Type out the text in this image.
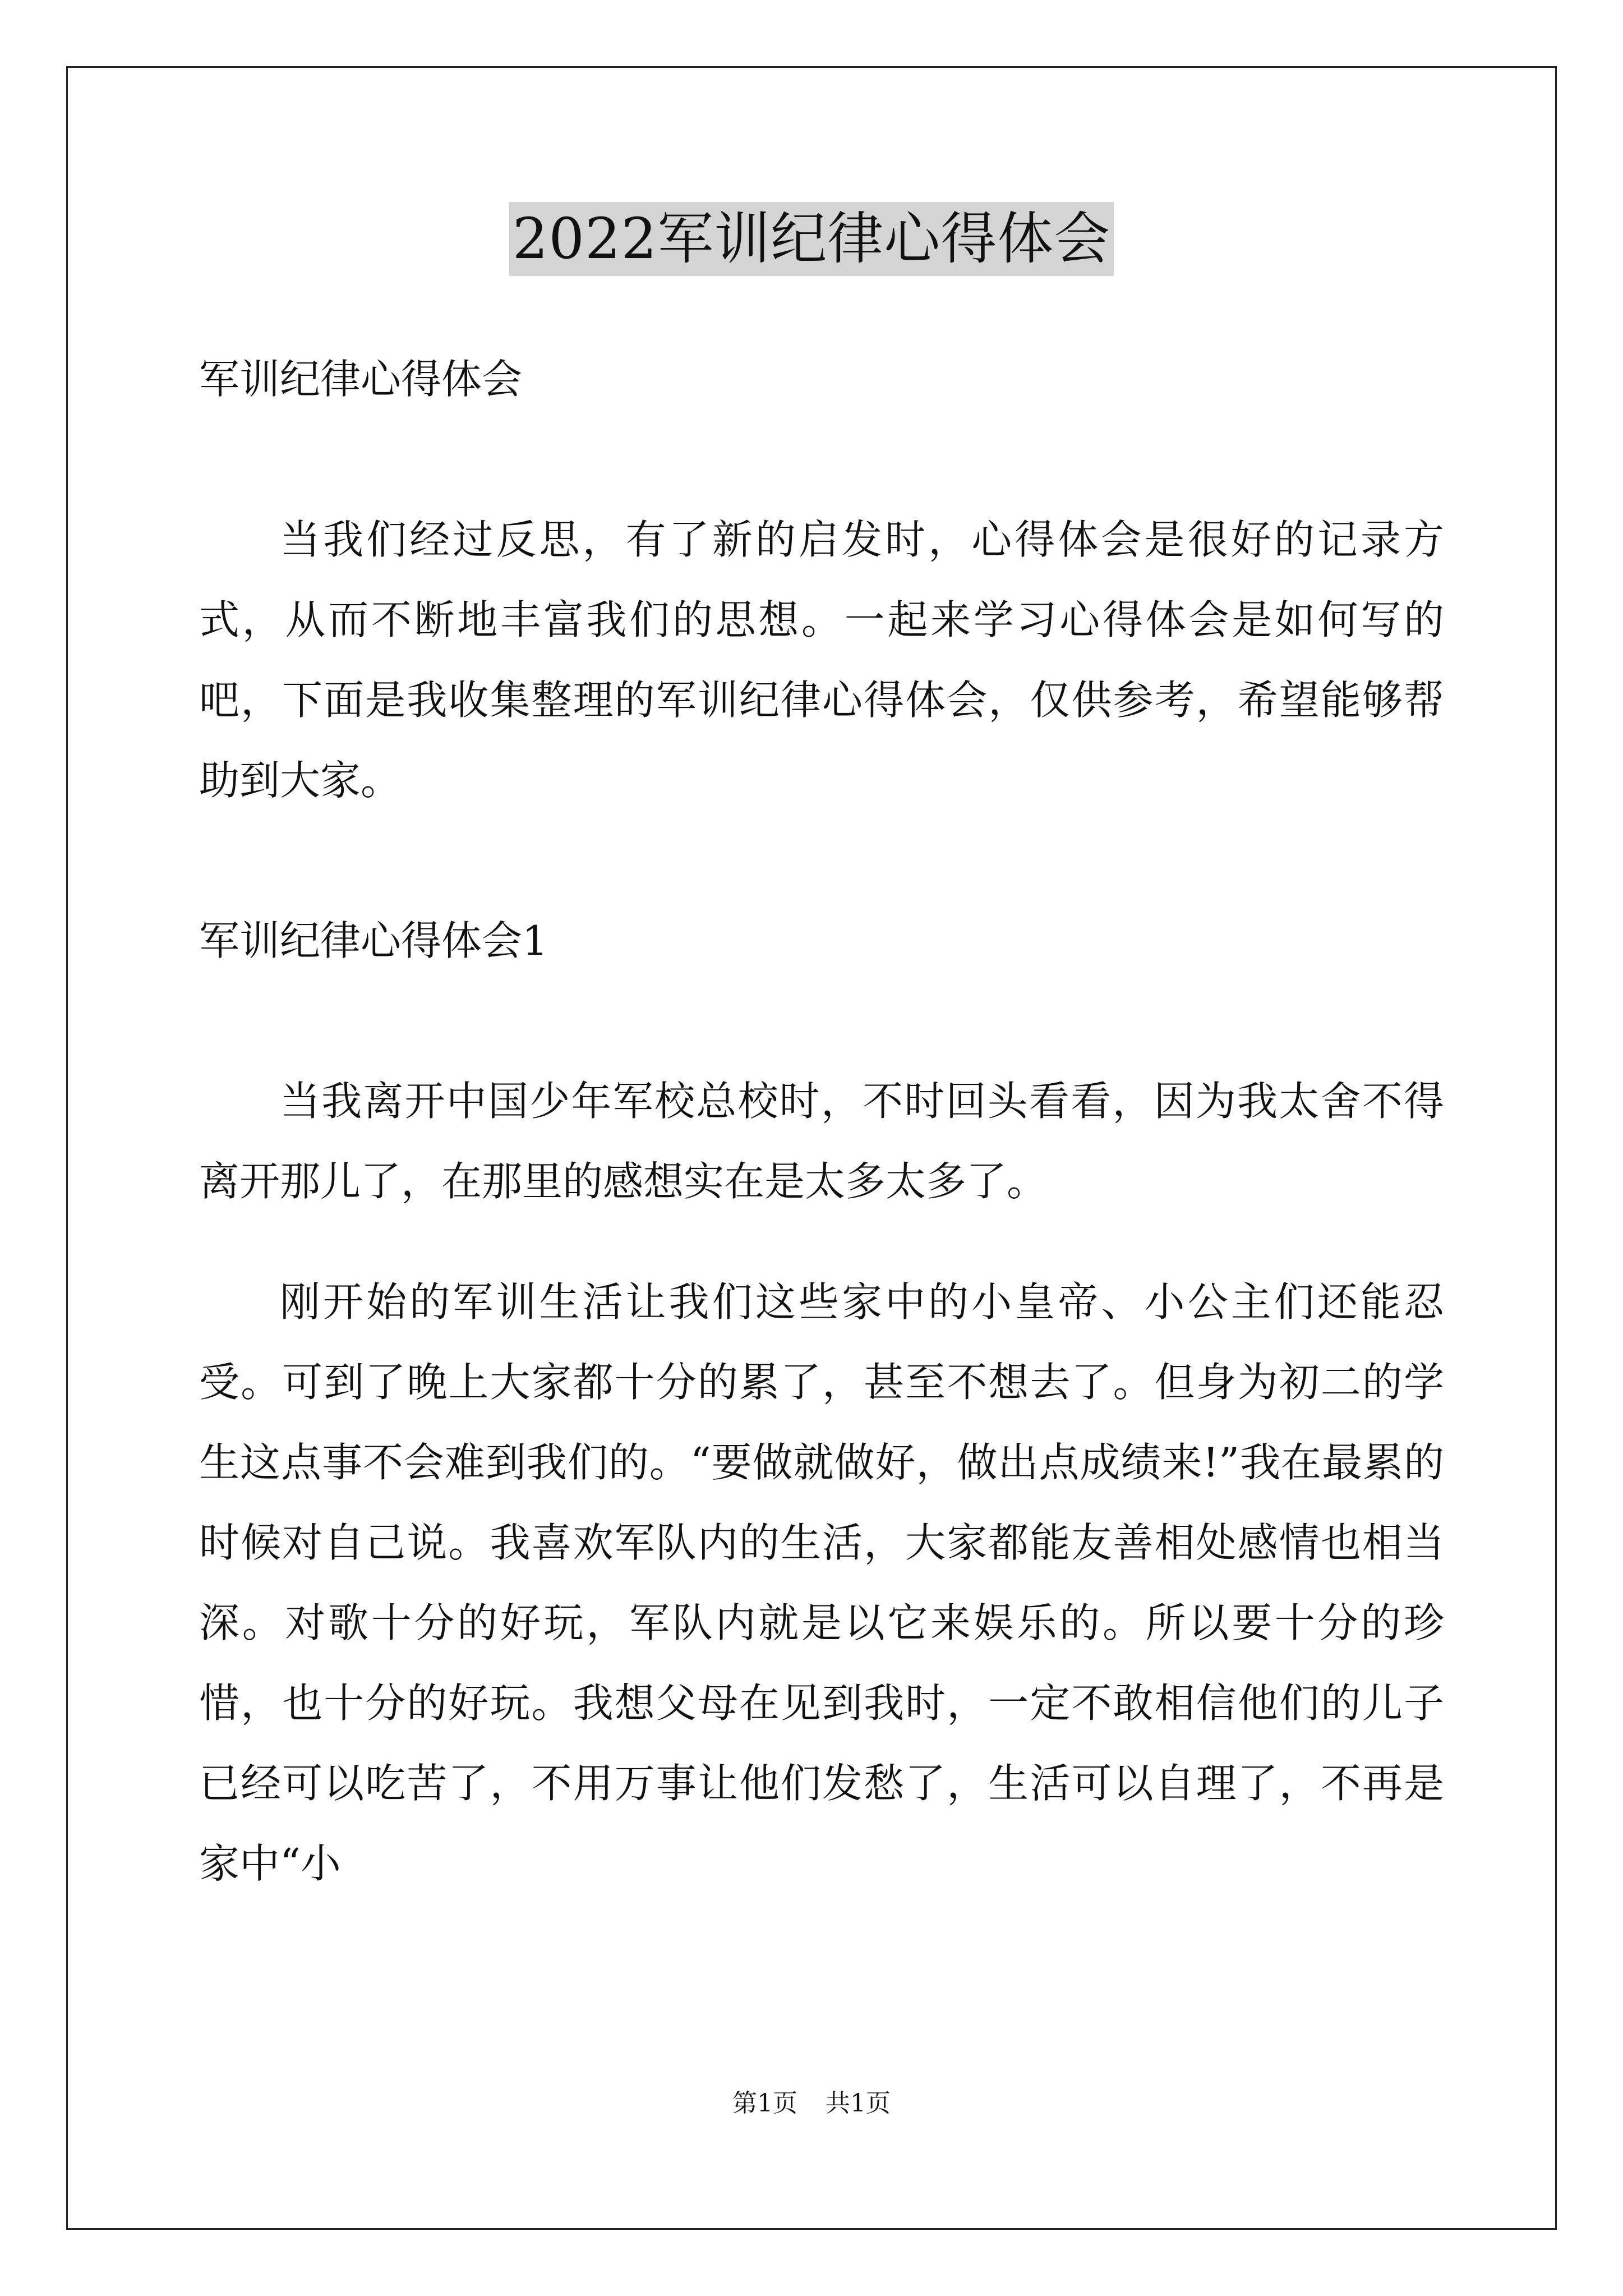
2022军训纪律心得体会

军训纪律心得体会

当我们经过反思，有了新的启发时，心得体会是很好的记录方式，从而不断地丰富我们的思想。一起来学习心得体会是如何写的吧，下面是我收集整理的军训纪律心得体会，仅供参考，希望能够帮助到大家。

军训纪律心得体会1

当我离开中国少年军校总校时，不时回头看看，因为我太舍不得离开那儿了，在那里的感想实在是太多太多了。

刚开始的军训生活让我们这些家中的小皇帝、小公主们还能忍受。可到了晚上大家都十分的累了，甚至不想去了。但身为初二的学生这点事不会难到我们的。“要做就做好，做出点成绩来!”我在最累的时候对自己说。我喜欢军队内的生活，大家都能友善相处感情也相当深。对歌十分的好玩，军队内就是以它来娱乐的。所以要十分的珍惜，也十分的好玩。我想父母在见到我时，一定不敢相信他们的儿子已经可以吃苦了，不用万事让他们发愁了，生活可以自理了，不再是家中“小

第1页 共1页
